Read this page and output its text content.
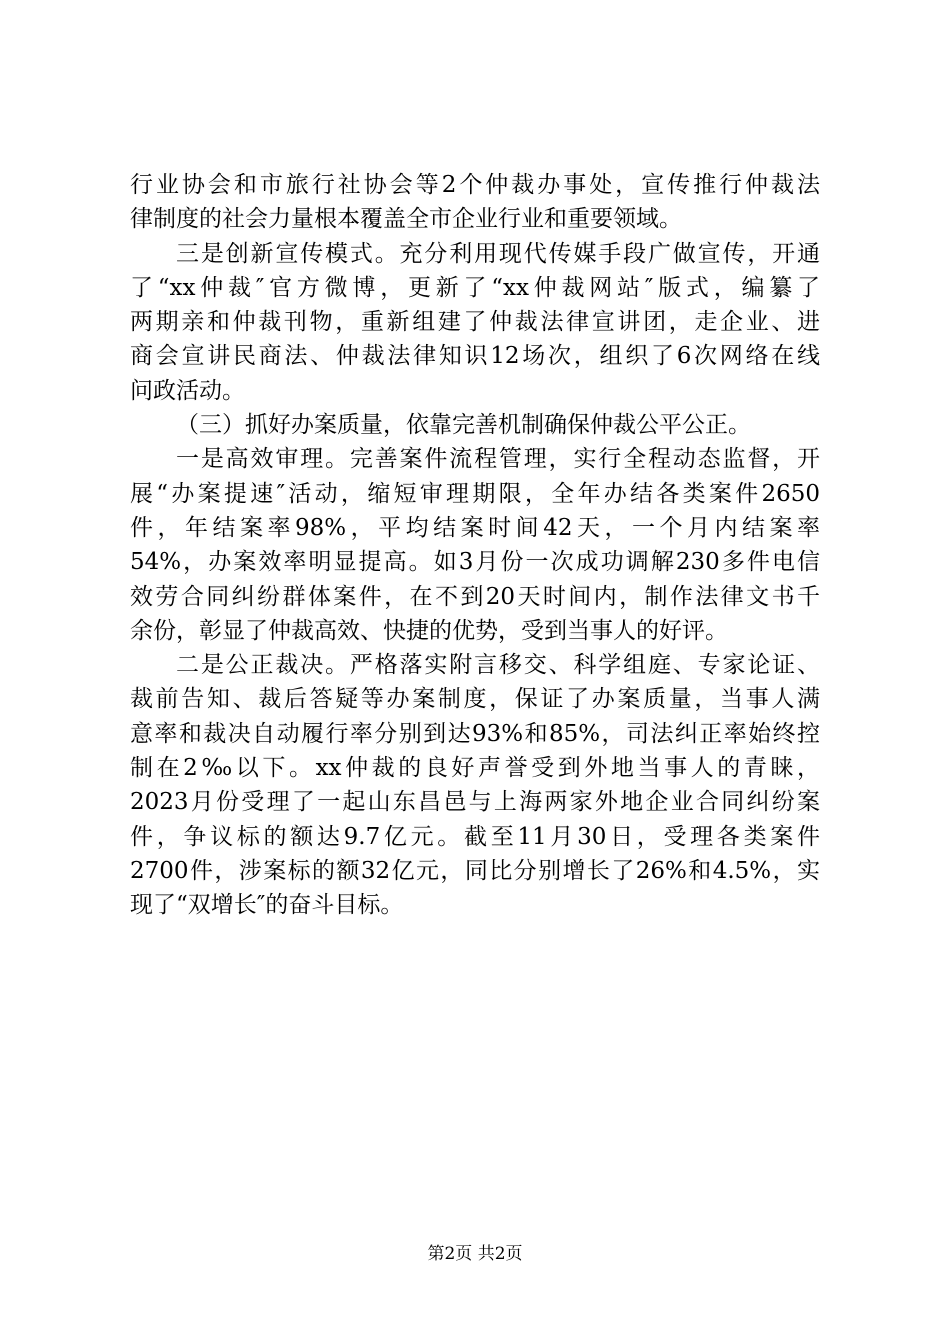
行业协会和市旅行社协会等2个仲裁办事处，宣传推行仲裁法
律制度的社会力量根本覆盖全市企业行业和重要领域。
三是创新宣传模式。充分利用现代传媒手段广做宣传，开通
了“xx仲裁″官方微博，更新了“xx仲裁网站″版式，编纂了
两期亲和仲裁刊物，重新组建了仲裁法律宣讲团，走企业、进
商会宣讲民商法、仲裁法律知识12场次，组织了6次网络在线
问政活动。
（三）抓好办案质量，依靠完善机制确保仲裁公平公正。
一是高效审理。完善案件流程管理，实行全程动态监督，开
展“办案提速″活动，缩短审理期限，全年办结各类案件2650
件，年结案率98%，平均结案时间42天，一个月内结案率
54%，办案效率明显提高。如3月份一次成功调解230多件电信
效劳合同纠纷群体案件，在不到20天时间内，制作法律文书千
余份，彰显了仲裁高效、快捷的优势，受到当事人的好评。
二是公正裁决。严格落实附言移交、科学组庭、专家论证、
裁前告知、裁后答疑等办案制度，保证了办案质量，当事人满
意率和裁决自动履行率分别到达93%和85%，司法纠正率始终控
制在2‰以下。xx仲裁的良好声誉受到外地当事人的青睐，
2023月份受理了一起山东昌邑与上海两家外地企业合同纠纷案
件，争议标的额达9.7亿元。截至11月30日，受理各类案件
2700件，涉案标的额32亿元，同比分别增长了26%和4.5%，实
现了“双增长″的奋斗目标。
第2页 共2页
